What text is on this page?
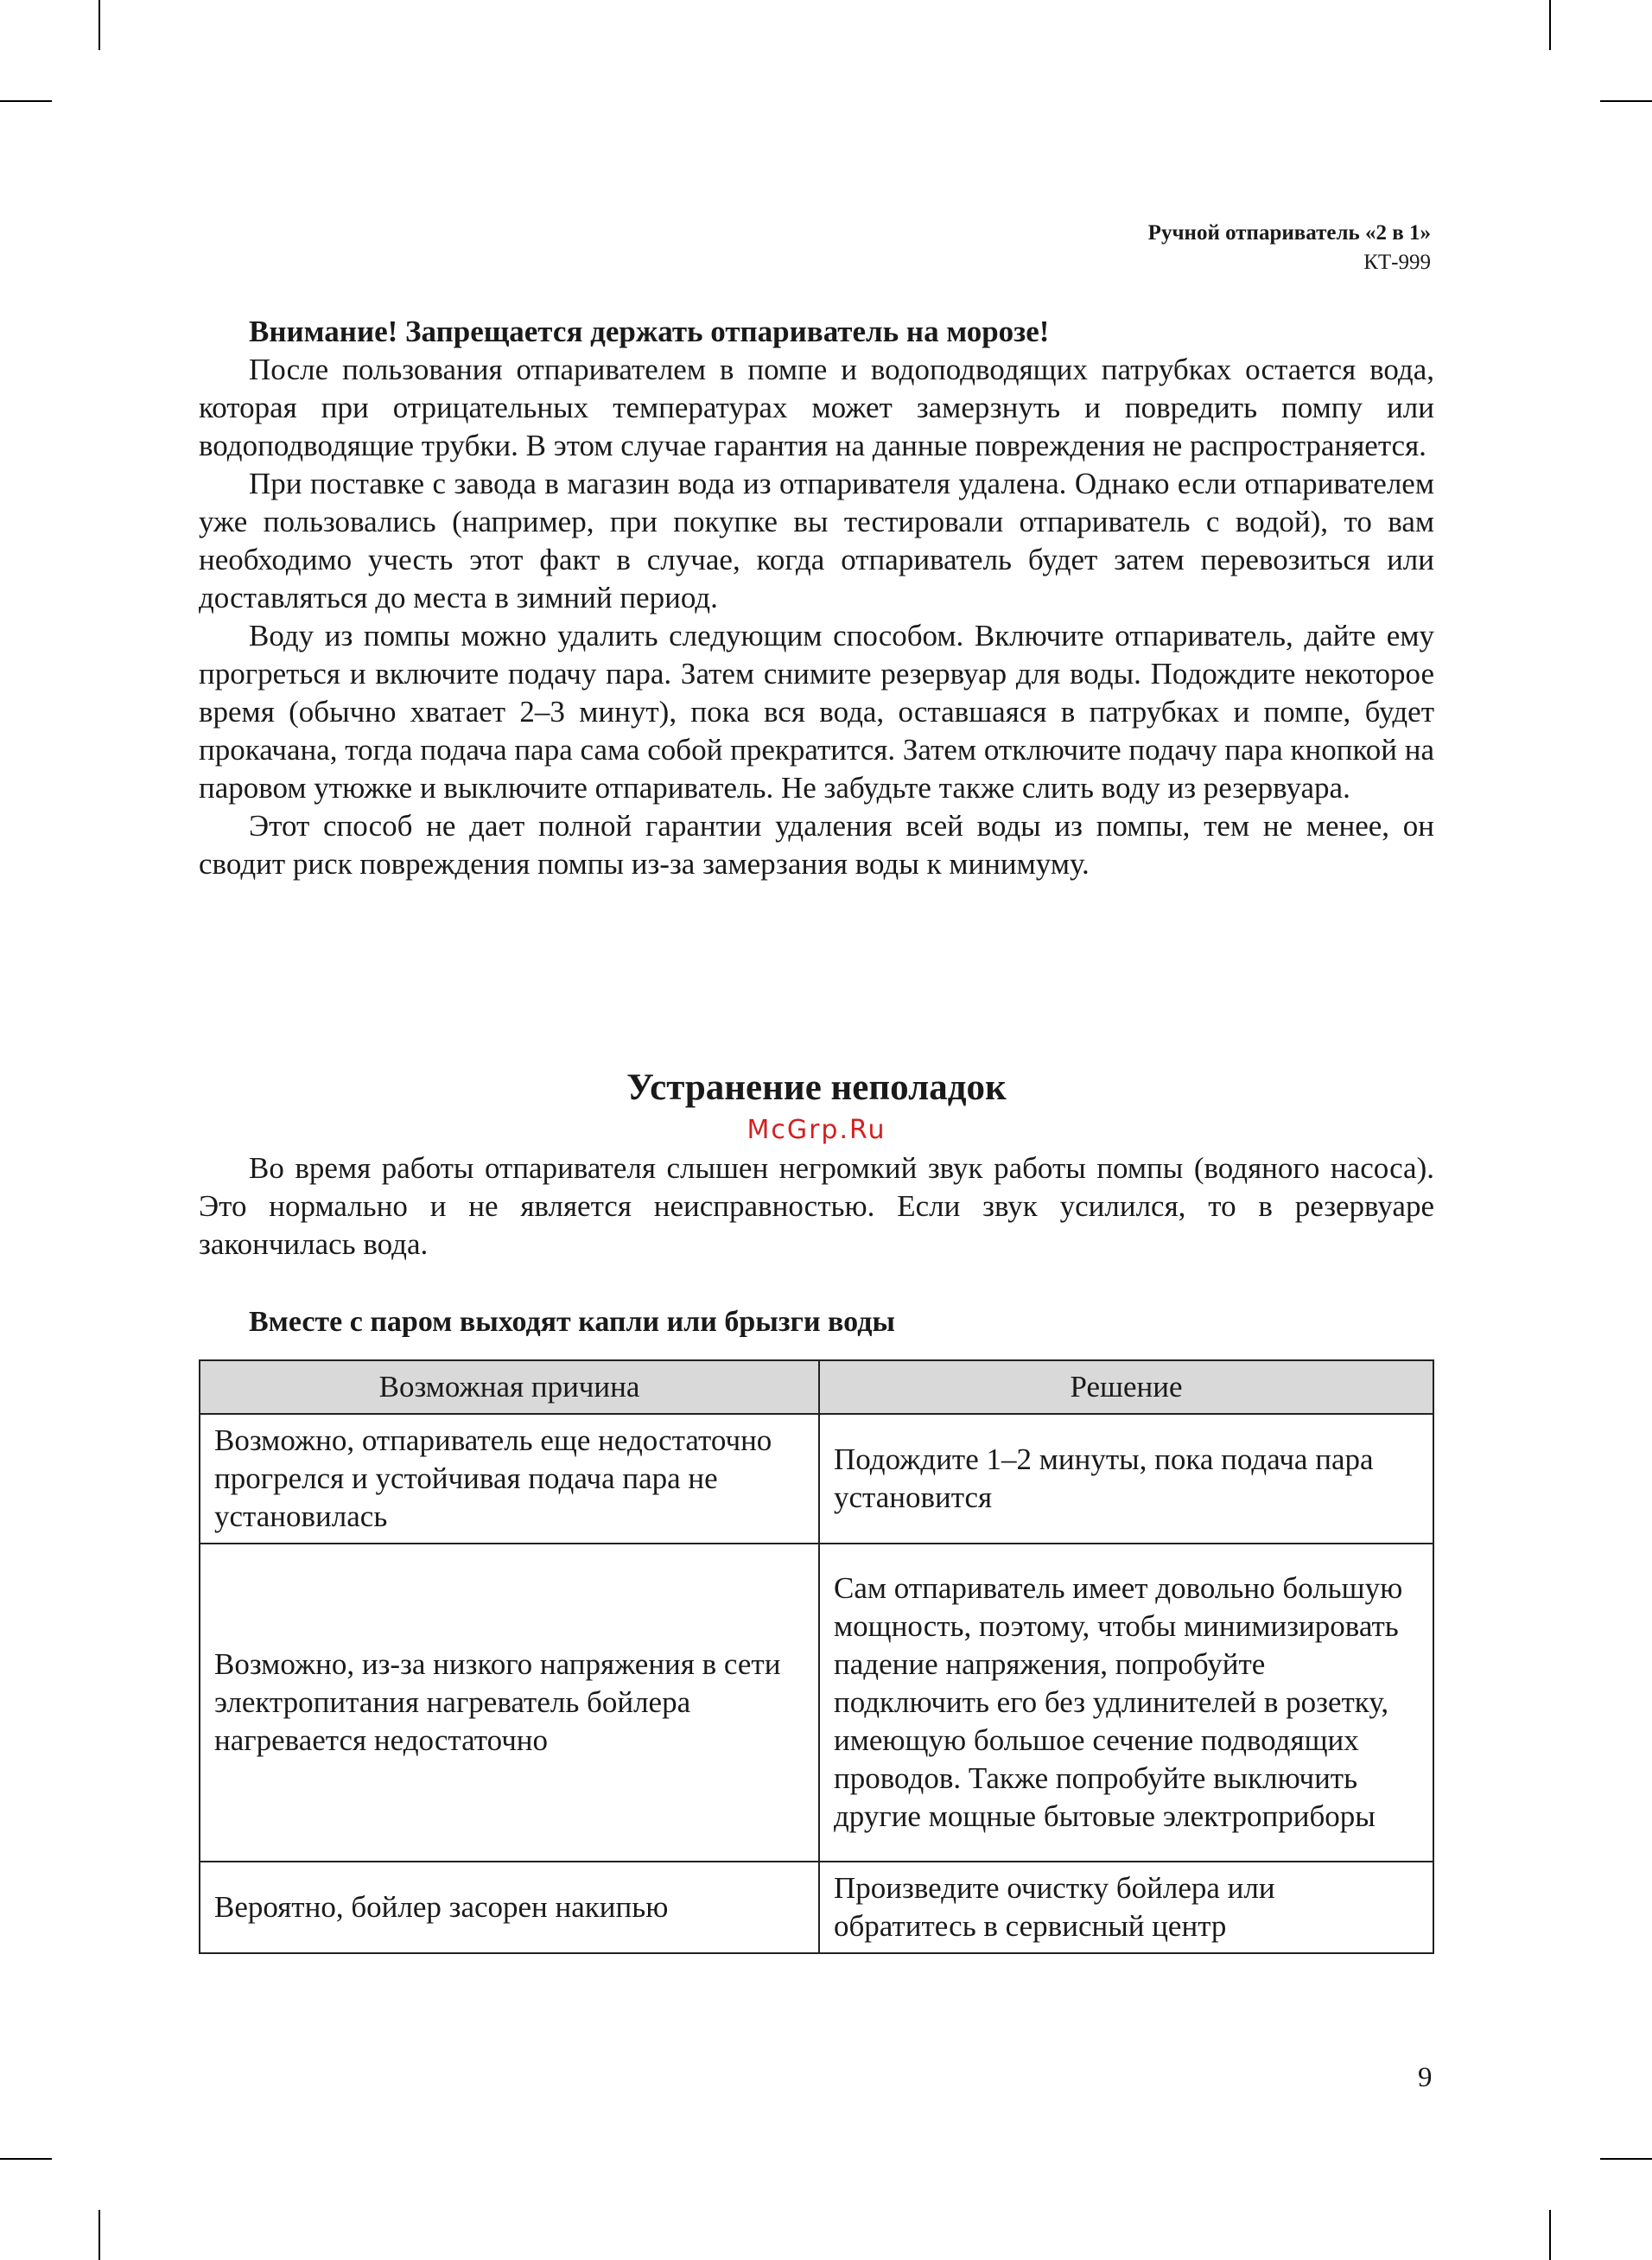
Ручной отпариватель «2 в 1»
КТ-999

Внимание! Запрещается держать отпариватель на морозе!

После пользования отпаривателем в помпе и водоподводящих патрубках остается вода, которая при отрицательных температурах может замерзнуть и повредить помпу или водоподводящие трубки. В этом случае гарантия на данные повреждения не распространяется.

При поставке с завода в магазин вода из отпаривателя удалена. Однако если отпаривателем уже пользовались (например, при покупке вы тестировали отпариватель с водой), то вам необходимо учесть этот факт в случае, когда отпариватель будет затем перевозиться или доставляться до места в зимний период.

Воду из помпы можно удалить следующим способом. Включите отпариватель, дайте ему прогреться и включите подачу пара. Затем снимите резервуар для воды. Подождите некоторое время (обычно хватает 2–3 минут), пока вся вода, оставшаяся в патрубках и помпе, будет прокачана, тогда подача пара сама собой прекратится. Затем отключите подачу пара кнопкой на паровом утюжке и выключите отпариватель. Не забудьте также слить воду из резервуара.

Этот способ не дает полной гарантии удаления всей воды из помпы, тем не менее, он сводит риск повреждения помпы из-за замерзания воды к минимуму.

Устранение неполадок
McGrp.Ru

Во время работы отпаривателя слышен негромкий звук работы помпы (водяного насоса). Это нормально и не является неисправностью. Если звук усилился, то в резервуаре закончилась вода.

Вместе с паром выходят капли или брызги воды
Возможная причина	Решение
Возможно, отпариватель еще недостаточно прогрелся и устойчивая подача пара не установилась	Подождите 1–2 минуты, пока подача пара установится
Возможно, из-за низкого напряжения в сети электропитания нагреватель бойлера нагревается недостаточно	Сам отпариватель имеет довольно большую мощность, поэтому, чтобы минимизировать падение напряжения, попробуйте подключить его без удлинителей в розетку, имеющую большое сечение подводящих проводов. Также попробуйте выключить другие мощные бытовые электроприборы
Вероятно, бойлер засорен накипью	Произведите очистку бойлера или обратитесь в сервисный центр
9
